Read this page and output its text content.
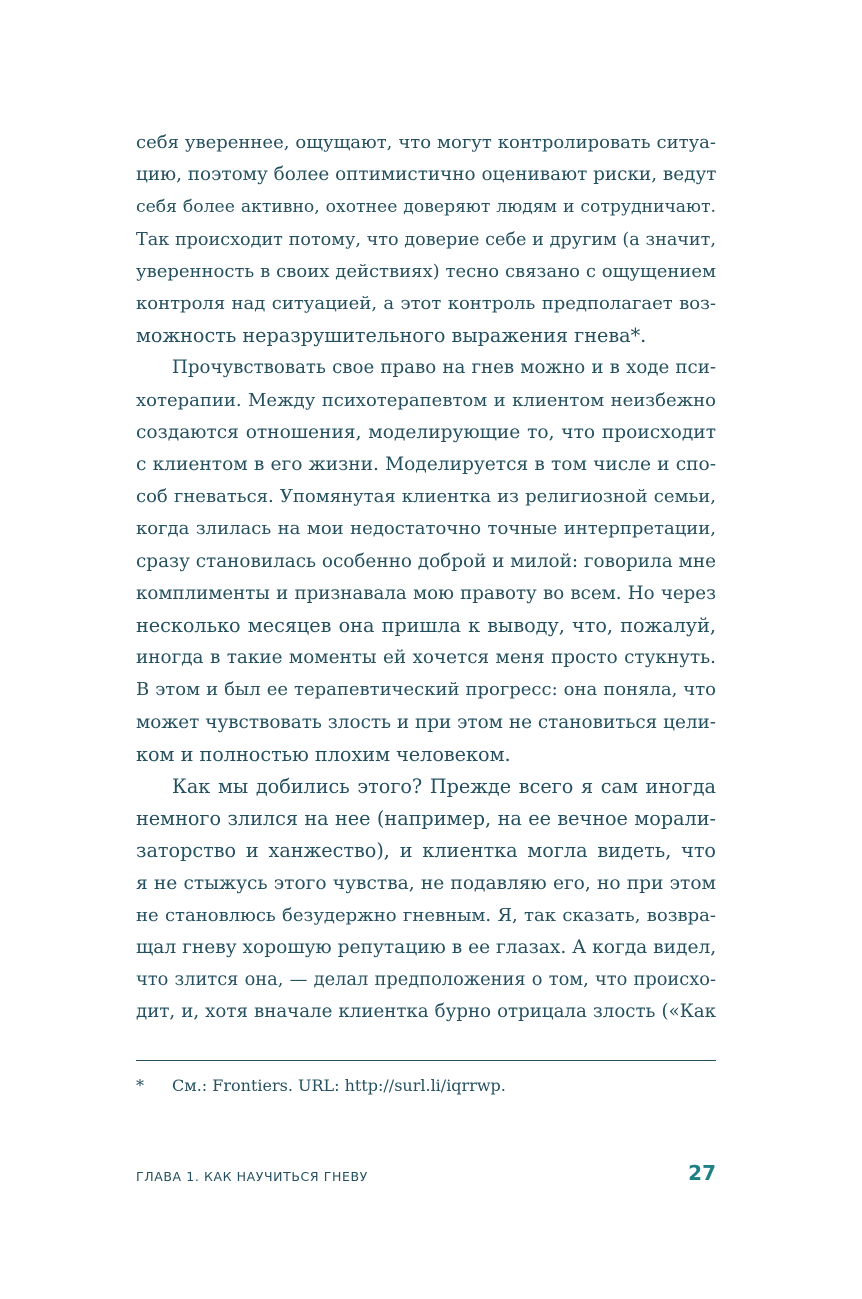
себя увереннее, ощущают, что могут контролировать ситуа-
цию, поэтому более оптимистично оценивают риски, ведут
себя более активно, охотнее доверяют людям и сотрудничают.
Так происходит потому, что доверие себе и другим (а значит,
уверенность в своих действиях) тесно связано с ощущением
контроля над ситуацией, а этот контроль предполагает воз-
можность неразрушительного выражения гнева*.
Прочувствовать свое право на гнев можно и в ходе пси-
хотерапии. Между психотерапевтом и клиентом неизбежно
создаются отношения, моделирующие то, что происходит
с клиентом в его жизни. Моделируется в том числе и спо-
соб гневаться. Упомянутая клиентка из религиозной семьи,
когда злилась на мои недостаточно точные интерпретации,
сразу становилась особенно доброй и милой: говорила мне
комплименты и признавала мою правоту во всем. Но через
несколько месяцев она пришла к выводу, что, пожалуй,
иногда в такие моменты ей хочется меня просто стукнуть.
В этом и был ее терапевтический прогресс: она поняла, что
может чувствовать злость и при этом не становиться цели-
ком и полностью плохим человеком.
Как мы добились этого? Прежде всего я сам иногда
немного злился на нее (например, на ее вечное морали-
заторство и ханжество), и клиентка могла видеть, что
я не стыжусь этого чувства, не подавляю его, но при этом
не становлюсь безудержно гневным. Я, так сказать, возвра-
щал гневу хорошую репутацию в ее глазах. А когда видел,
что злится она, — делал предположения о том, что происхо-
дит, и, хотя вначале клиентка бурно отрицала злость («Как
* См.: Frontiers. URL: http://surl.li/iqrrwp.
ГЛАВА 1. КАК НАУЧИТЬСЯ ГНЕВУ	27
